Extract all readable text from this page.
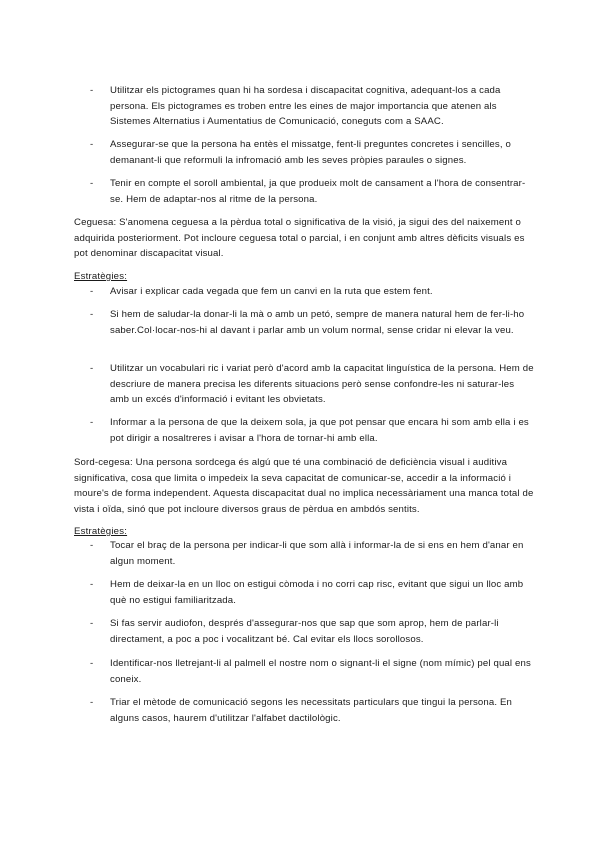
- Utilitzar els pictogrames quan hi ha sordesa i discapacitat cognitiva, adequant-los a cada persona. Els pictogrames es troben entre les eines de major importancia que atenen als Sistemes Alternatius i Aumentatius de Comunicació, coneguts com a SAAC.
- Assegurar-se que la persona ha entès el missatge, fent-li preguntes concretes i sencilles, o demanant-li que reformuli la infromació amb les seves pròpies paraules o signes.
- Tenir en compte el soroll ambiental, ja que produeix molt de cansament a l'hora de consentrar-se. Hem de adaptar-nos al ritme de la persona.
Ceguesa: S'anomena ceguesa a la pèrdua total o significativa de la visió, ja sigui des del naixement o adquirida posteriorment. Pot incloure ceguesa total o parcial, i en conjunt amb altres dèficits visuals es pot denominar discapacitat visual.
Estratègies:
- Avisar i explicar cada vegada que fem un canvi en la ruta que estem fent.
- Si hem de saludar-la donar-li la mà o amb un petó, sempre de manera natural hem de fer-li-ho saber.Col·locar-nos-hi al davant i parlar amb un volum normal, sense cridar ni elevar la veu.
- Utilitzar un vocabulari ric i variat però d'acord amb la capacitat linguística de la persona. Hem de descriure de manera precisa les diferents situacions però sense confondre-les ni saturar-les amb un excés d'informació i evitant les obvietats.
- Informar a la persona de que la deixem sola, ja que pot pensar que encara hi som amb ella i es pot dirigir a nosaltreres i avisar a l'hora de tornar-hi amb ella.
Sord-cegesa: Una persona sordcega és algú que té una combinació de deficiència visual i auditiva significativa, cosa que limita o impedeix la seva capacitat de comunicar-se, accedir a la informació i moure's de forma independent. Aquesta discapacitat dual no implica necessàriament una manca total de vista i oïda, sinó que pot incloure diversos graus de pèrdua en ambdós sentits.
Estratègies:
- Tocar el braç de la persona per indicar-li que som allà i informar-la de si ens en hem d'anar en algun moment.
- Hem de deixar-la en un lloc on estigui còmoda i no corri cap risc, evitant que sigui un lloc amb què no estigui familiaritzada.
- Si fas servir audiofon, després d'assegurar-nos que sap que som aprop, hem de parlar-li directament, a poc a poc i vocalitzant bé. Cal evitar els llocs sorollosos.
- Identificar-nos lletrejant-li al palmell el nostre nom o signant-li el signe (nom mímic) pel qual ens coneix.
- Triar el mètode de comunicació segons les necessitats particulars que tingui la persona. En alguns casos, haurem d'utilitzar l'alfabet dactilològic.
